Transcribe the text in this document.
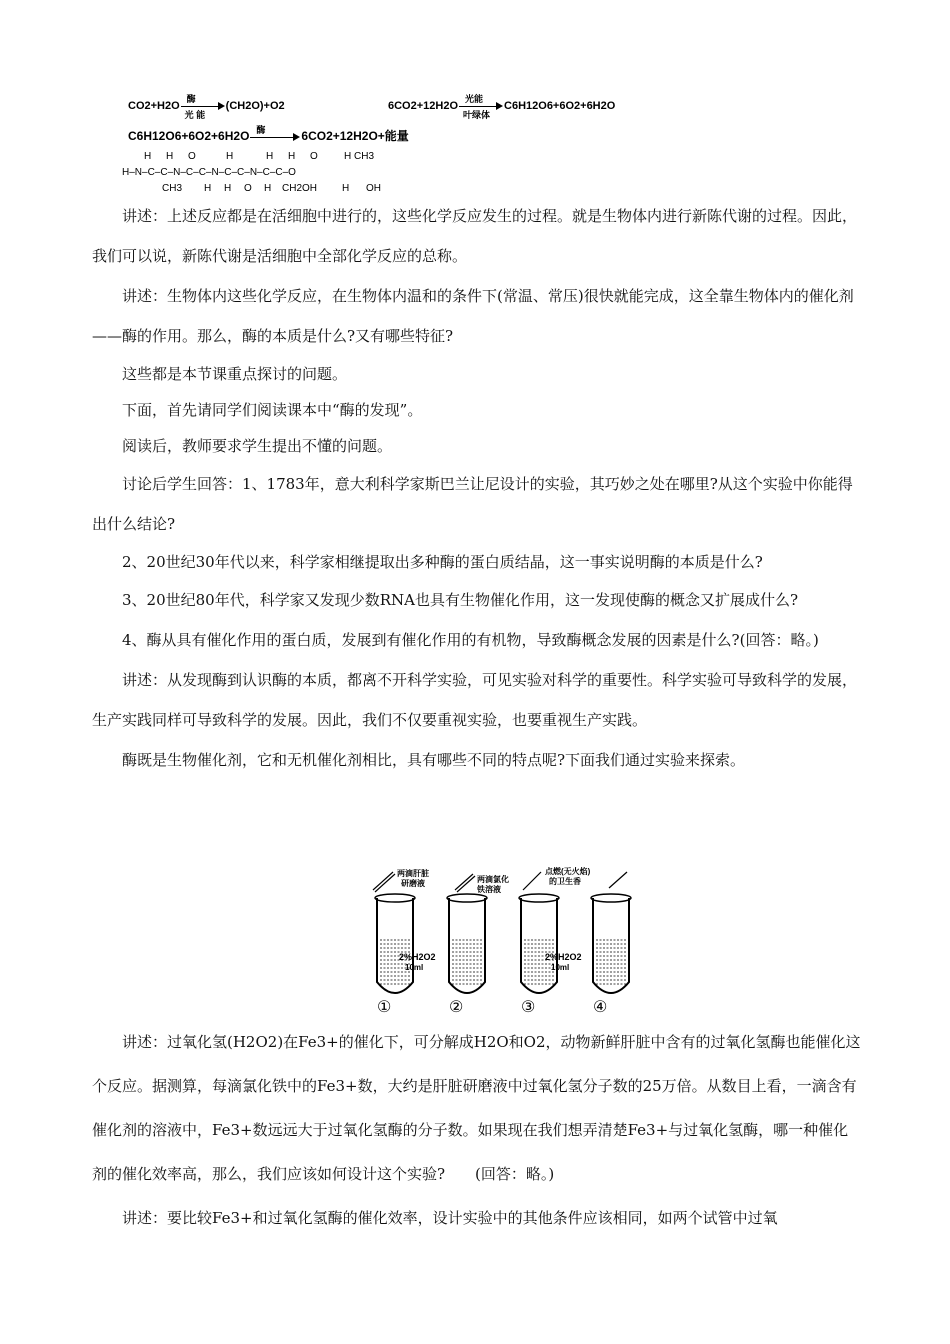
CO2+H2O
酶
光 能
(CH2O)+O2	6CO2+12H2O
光能
叶绿体
C6H12O6+6O2+6H2O
C6H12O6+6O2+6H2O 酶	6CO2+12H2O+能量
H H O	H	H H O	H CH3
H–N–C–C–N–C–C–N–C–C–N–C–C–O
CH3 H H O H CH2OH H OH

讲述：上述反应都是在活细胞中进行的，这些化学反应发生的过程。就是生物体内进行新陈代谢的过程。因此，我们可以说，新陈代谢是活细胞中全部化学反应的总称。

讲述：生物体内这些化学反应，在生物体内温和的条件下(常温、常压)很快就能完成，这全靠生物体内的催化剂——酶的作用。那么，酶的本质是什么?又有哪些特征?

这些都是本节课重点探讨的问题。

下面，首先请同学们阅读课本中“酶的发现”。

阅读后，教师要求学生提出不懂的问题。

讨论后学生回答：1、1783年，意大利科学家斯巴兰让尼设计的实验，其巧妙之处在哪里?从这个实验中你能得出什么结论?

2、20世纪30年代以来，科学家相继提取出多种酶的蛋白质结晶，这一事实说明酶的本质是什么?

3、20世纪80年代，科学家又发现少数RNA也具有生物催化作用，这一发现使酶的概念又扩展成什么?

4、酶从具有催化作用的蛋白质，发展到有催化作用的有机物，导致酶概念发展的因素是什么?(回答：略。)

讲述：从发现酶到认识酶的本质，都离不开科学实验，可见实验对科学的重要性。科学实验可导致科学的发展，生产实践同样可导致科学的发展。因此，我们不仅要重视实验，也要重视生产实践。

酶既是生物催化剂，它和无机催化剂相比，具有哪些不同的特点呢?下面我们通过实验来探索。

两滴肝脏
研磨液	两滴氯化
铁溶液
点燃(无火焰)
的卫生香
2%H2O2
10ml
2%H2O2
10ml
①	②	③	④

讲述：过氧化氢(H2O2)在Fe3+的催化下，可分解成H2O和O2，动物新鲜肝脏中含有的过氧化氢酶也能催化这个反应。据测算，每滴氯化铁中的Fe3+数，大约是肝脏研磨液中过氧化氢分子数的25万倍。从数目上看，一滴含有催化剂的溶液中，Fe3+数远远大于过氧化氢酶的分子数。如果现在我们想弄清楚Fe3+与过氧化氢酶，哪一种催化剂的催化效率高，那么，我们应该如何设计这个实验?　　(回答：略。)

讲述：要比较Fe3+和过氧化氢酶的催化效率，设计实验中的其他条件应该相同，如两个试管中过氧
